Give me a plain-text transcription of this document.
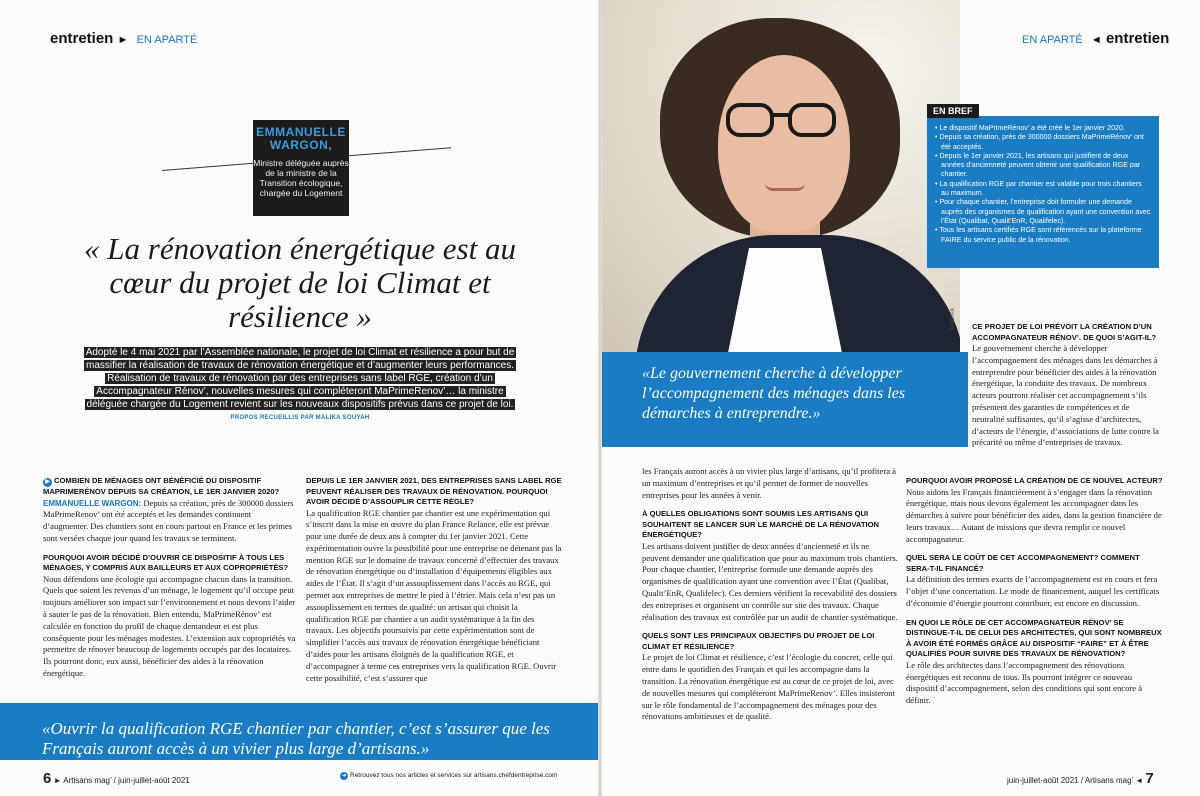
entretien ► EN APARTÉ
EMMANUELLE WARGON,
Ministre déléguée auprès de la ministre de la Transition écologique, chargée du Logement
« La rénovation énergétique est au cœur du projet de loi Climat et résilience »
Adopté le 4 mai 2021 par l’Assemblée nationale, le projet de loi Climat et résilience a pour but de massifier la réalisation de travaux de rénovation énergétique et d’augmenter leurs performances. Réalisation de travaux de rénovation par des entreprises sans label RGE, création d’un Accompagnateur Rénov’, nouvelles mesures qui compléteront MaPrimeRenov’… la ministre déléguée chargée du Logement revient sur les nouveaux dispositifs prévus dans ce projet de loi.
PROPOS RECUEILLIS PAR MALIKA SOUYAH

▶ COMBIEN DE MÉNAGES ONT BÉNÉFICIÉ DU DISPOSITIF MAPRIMERÉNOV DEPUIS SA CRÉATION, LE 1ER JANVIER 2020?
EMMANUELLE WARGON: Depuis sa création, près de 300000 dossiers MaPrimeRenov’ ont été acceptés et les demandes continuent d’augmenter. Des chantiers sont en cours partout en France et les primes sont versées chaque jour quand les travaux se terminent.

POURQUOI AVOIR DÉCIDÉ D’OUVRIR CE DISPOSITIF À TOUS LES MÉNAGES, Y COMPRIS AUX BAILLEURS ET AUX COPROPRIÉTÉS?
Nous défendons une écologie qui accompagne chacun dans la transition. Quels que soient les revenus d’un ménage, le logement qu’il occupe peut toujours améliorer son impact sur l’environnement et nous devons l’aider à sauter le pas de la rénovation. Bien entendu, MaPrimeRénov’ est calculée en fonction du profil de chaque demandeur et est plus conséquente pour les ménages modestes. L’extension aux copropriétés va permettre de rénover beaucoup de logements occupés par des locataires. Ils pourront donc, eux aussi, bénéficier des aides à la rénovation énergétique.

DEPUIS LE 1ER JANVIER 2021, DES ENTREPRISES SANS LABEL RGE PEUVENT RÉALISER DES TRAVAUX DE RÉNOVATION. POURQUOI AVOIR DÉCIDÉ D’ASSOUPLIR CETTE RÈGLE?
La qualification RGE chantier par chantier est une expérimentation qui s’inscrit dans la mise en œuvre du plan France Relance, elle est prévue pour une durée de deux ans à compter du 1er janvier 2021. Cette expérimentation ouvre la possibilité pour une entreprise ne détenant pas la mention RGE sur le domaine de travaux concerné d’effectuer des travaux de rénovation énergétique ou d’installation d’équipements éligibles aux aides de l’État. Il s’agit d’un assouplissement dans l’accès au RGE, qui permet aux entreprises de mettre le pied à l’étrier. Mais cela n’est pas un assouplissement en termes de qualité: un artisan qui choisit la qualification RGE par chantier a un audit systématique à la fin des travaux. Les objectifs poursuivis par cette expérimentation sont de simplifier l’accès aux travaux de rénovation énergétique bénéficiant d’aides pour les artisans éloignés de la qualification RGE, et d’accompagner à terme ces entreprises vers la qualification RGE. Ouvrir cette possibilité, c’est s’assurer que

«Ouvrir la qualification RGE chantier par chantier, c’est s’assurer que les Français auront accès à un vivier plus large d’artisans.»
6 ► Artisans mag’ / juin-juillet-août 2021	➜ Retrouvez tous nos articles et services sur artisans.chefdentreprise.com
© TERRA
EN APARTÉ ◄ entretien
• Le dispositif MaPrimeRénov’ a été créé le 1er janvier 2020.
• Depuis sa création, près de 300000 dossiers MaPrimeRénov’ ont été acceptés.
• Depuis le 1er janvier 2021, les artisans qui justifient de deux années d’ancienneté peuvent obtenir une qualification RGE par chantier.
• La qualification RGE par chantier est valable pour trois chantiers au maximum.
• Pour chaque chantier, l’entreprise doit formuler une demande auprès des organismes de qualification ayant une convention avec l’État (Qualibat, Qualit’EnR, Qualifelec).
• Tous les artisans certifiés RGE sont référencés sur la plateforme FAIRE du service public de la rénovation.
EN BREF
«Le gouvernement cherche à développer l’accompagnement des ménages dans les démarches à entreprendre.»

CE PROJET DE LOI PRÉVOIT LA CRÉATION D’UN ACCOMPAGNATEUR RÉNOV’. DE QUOI S’AGIT-IL?
Le gouvernement cherche à développer l’accompagnement des ménages dans les démarches à entreprendre pour bénéficier des aides à la rénovation énergétique, la conduite des travaux. De nombreux acteurs pourront réaliser cet accompagnement s’ils présentent des garanties de compétences et de neutralité suffisantes, qu’il s’agisse d’architectes, d’acteurs de l’énergie, d’associations de lutte contre la précarité ou même d’entreprises de travaux.

les Français auront accès à un vivier plus large d’artisans, qu’il profitera à un maximum d’entreprises et qu’il permet de former de nouvelles entreprises pour les années à venir.

À QUELLES OBLIGATIONS SONT SOUMIS LES ARTISANS QUI SOUHAITENT SE LANCER SUR LE MARCHÉ DE LA RÉNOVATION ÉNERGÉTIQUE?
Les artisans doivent justifier de deux années d’ancienneté et ils ne peuvent demander une qualification que pour au maximum trois chantiers. Pour chaque chantier, l’entreprise formule une demande auprès des organismes de qualification ayant une convention avec l’État (Qualibat, Qualit’EnR, Qualifelec). Ces derniers vérifient la recevabilité des dossiers des entreprises et organisent un contrôle sur site des travaux. Chaque réalisation des travaux est contrôlée par un audit de chantier systématique.

QUELS SONT LES PRINCIPAUX OBJECTIFS DU PROJET DE LOI CLIMAT ET RÉSILIENCE?
Le projet de loi Climat et résilience, c’est l’écologie du concret, celle qui entre dans le quotidien des Français et qui les accompagne dans la transition. La rénovation énergétique est au cœur de ce projet de loi, avec de nouvelles mesures qui compléteront MaPrimeRenov’. Elles insisteront sur le rôle fondamental de l’accompagnement des ménages pour des rénovations ambitieuses et de qualité.

POURQUOI AVOIR PROPOSÉ LA CRÉATION DE CE NOUVEL ACTEUR?
Nous aidons les Français financièrement à s’engager dans la rénovation énergétique, mais nous devons également les accompagner dans les démarches à suivre pour bénéficier des aides, dans la gestion financière de leurs travaux… Autant de missions que devra remplir ce nouvel accompagnateur.

QUEL SERA LE COÛT DE CET ACCOMPAGNEMENT? COMMENT SERA-T-IL FINANCÉ?
La définition des termes exacts de l’accompagnement est en cours et fera l’objet d’une concertation. Le mode de financement, auquel les certificats d’économie d’énergie pourront contribuer, est encore en discussion.

EN QUOI LE RÔLE DE CET ACCOMPAGNATEUR RÉNOV’ SE DISTINGUE-T-IL DE CELUI DES ARCHITECTES, QUI SONT NOMBREUX À AVOIR ÉTÉ FORMÉS GRÂCE AU DISPOSITIF “FAIRE” ET À ÊTRE QUALIFIÉS POUR SUIVRE DES TRAVAUX DE RÉNOVATION?
Le rôle des architectes dans l’accompagnement des rénovations énergétiques est reconnu de tous. Ils pourront intégrer ce nouveau dispositif d’accompagnement, selon des conditions qui sont encore à définir.

juin-juillet-août 2021 / Artisans mag’ ◄ 7
